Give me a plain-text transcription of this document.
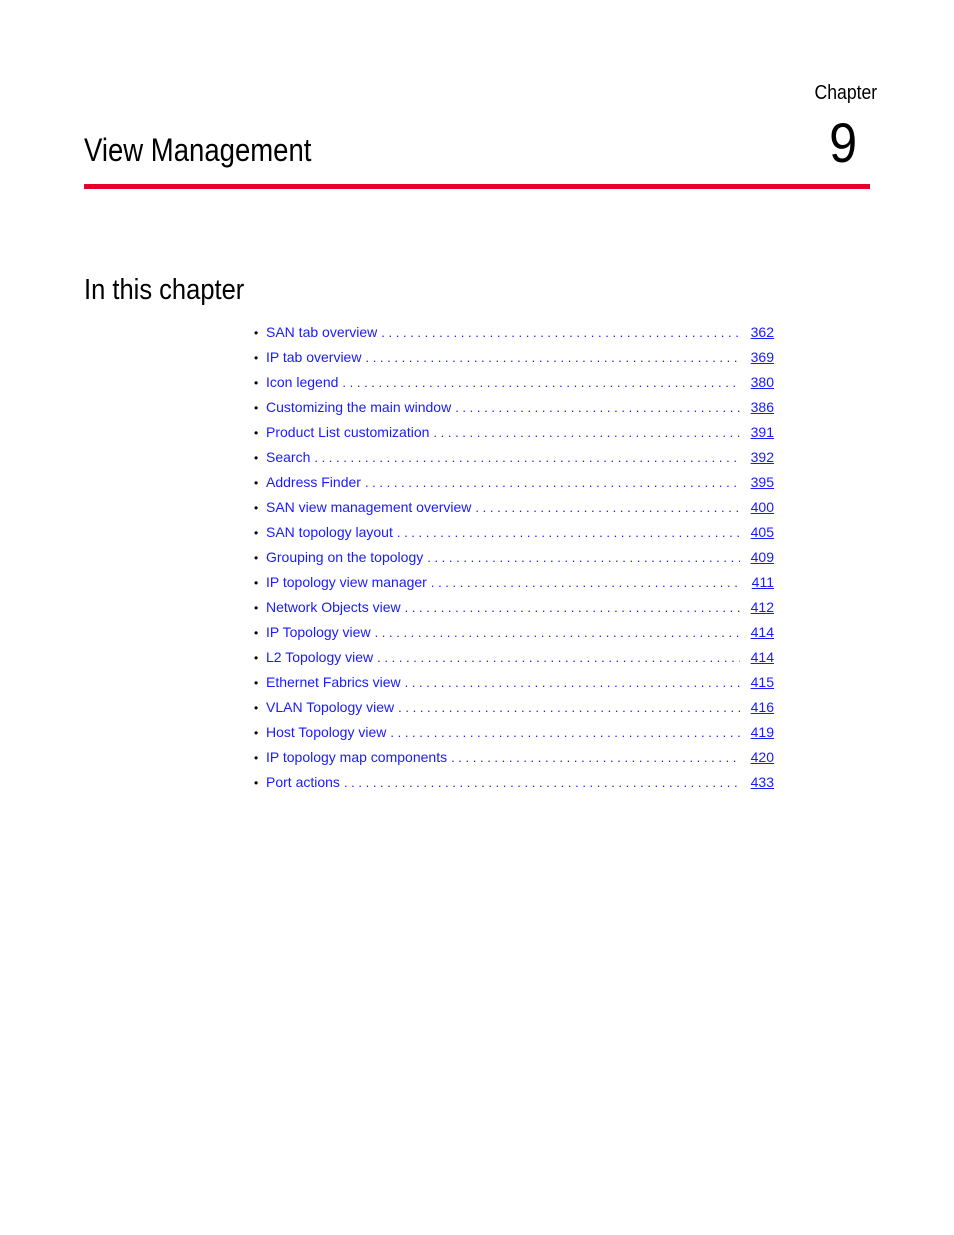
Chapter
9
View Management
In this chapter
• SAN tab overview . . .	362
• IP tab overview . . .	369
• Icon legend . . .	380
• Customizing the main window . . .	386
• Product List customization . . .	391
• Search . . .	392
• Address Finder . . .	395
• SAN view management overview . . .	400
• SAN topology layout . . .	405
• Grouping on the topology . . .	409
• IP topology view manager . . .	411
• Network Objects view . . .	412
• IP Topology view . . .	414
• L2 Topology view . . .	414
• Ethernet Fabrics view . . .	415
• VLAN Topology view . . .	416
• Host Topology view . . .	419
• IP topology map components . . .	420
• Port actions . . .	433
